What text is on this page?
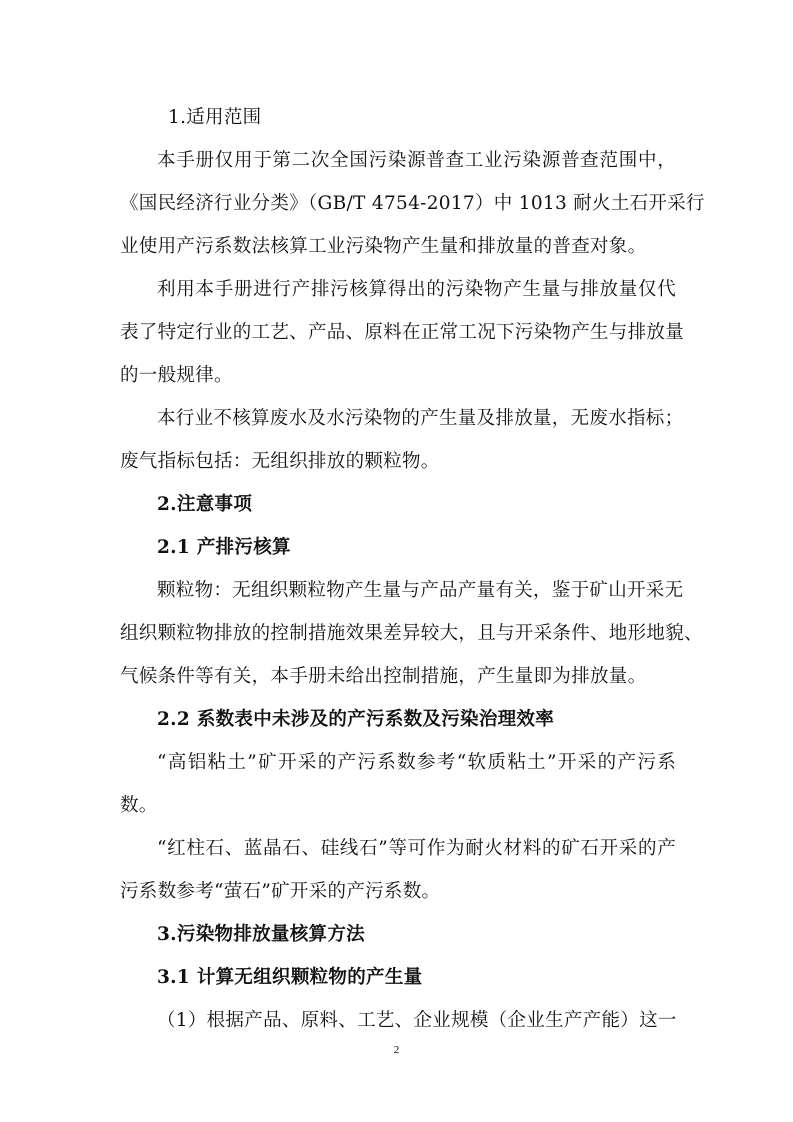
1.适用范围
本手册仅用于第二次全国污染源普查工业污染源普查范围中，
《国民经济行业分类》（GB/T 4754-2017）中 1013 耐火土石开采行
业使用产污系数法核算工业污染物产生量和排放量的普查对象。
利用本手册进行产排污核算得出的污染物产生量与排放量仅代
表了特定行业的工艺、产品、原料在正常工况下污染物产生与排放量
的一般规律。
本行业不核算废水及水污染物的产生量及排放量，无废水指标；
废气指标包括：无组织排放的颗粒物。
2.注意事项
2.1 产排污核算
颗粒物：无组织颗粒物产生量与产品产量有关，鉴于矿山开采无
组织颗粒物排放的控制措施效果差异较大，且与开采条件、地形地貌、
气候条件等有关，本手册未给出控制措施，产生量即为排放量。
2.2 系数表中未涉及的产污系数及污染治理效率
“高铝粘土”矿开采的产污系数参考“软质粘土”开采的产污系
数。
“红柱石、蓝晶石、硅线石”等可作为耐火材料的矿石开采的产
污系数参考“萤石”矿开采的产污系数。
3.污染物排放量核算方法
3.1 计算无组织颗粒物的产生量
（1）根据产品、原料、工艺、企业规模（企业生产产能）这一
2
